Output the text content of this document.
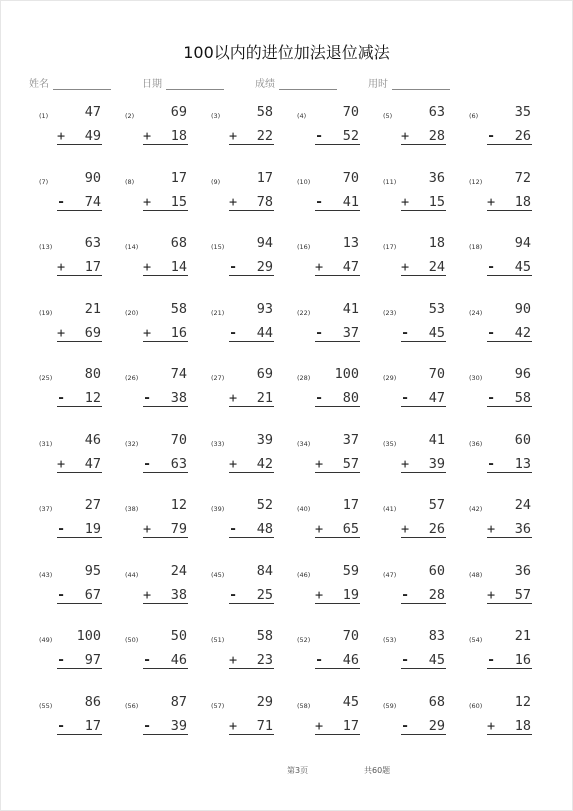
100以内的进位加法退位减法
姓名	日期	成绩	用时
(1)	47
+ 49
(2)	69
+ 18
(3)	58
+ 22
(4)	70
- 52
(5)	63
+ 28
(6)	35
- 26
(7)	90
- 74
(8)	17
+ 15
(9)	17
+ 78
(10) 70
- 41
(11) 36
+ 15
(12) 72
+ 18
(13) 63
+ 17
(14) 68
+ 14
(15) 94
- 29
(16) 13
+ 47
(17) 18
+ 24
(18) 94
- 45
(19) 21
+ 69
(20) 58
+ 16
(21) 93
- 44
(22) 41
- 37
(23) 53
- 45
(24) 90
- 42
(25) 80
- 12
(26) 74
- 38
(27) 69
+ 21
(28) 100
- 80
(29) 70
- 47
(30) 96
- 58
(31) 46
+ 47
(32) 70
- 63
(33) 39
+ 42
(34) 37
+ 57
(35) 41
+ 39
(36) 60
- 13
(37) 27
- 19
(38) 12
+ 79
(39) 52
- 48
(40) 17
+ 65
(41) 57
+ 26
(42) 24
+ 36
(43) 95
- 67
(44) 24
+ 38
(45) 84
- 25
(46) 59
+ 19
(47) 60
- 28
(48) 36
+ 57
(49) 100
- 97
(50) 50
- 46
(51) 58
+ 23
(52) 70
- 46
(53) 83
- 45
(54) 21
- 16
(55) 86
- 17
(56) 87
- 39
(57) 29
+ 71
(58) 45
+ 17
(59) 68
- 29
(60) 12
+ 18
第3页	共60题
